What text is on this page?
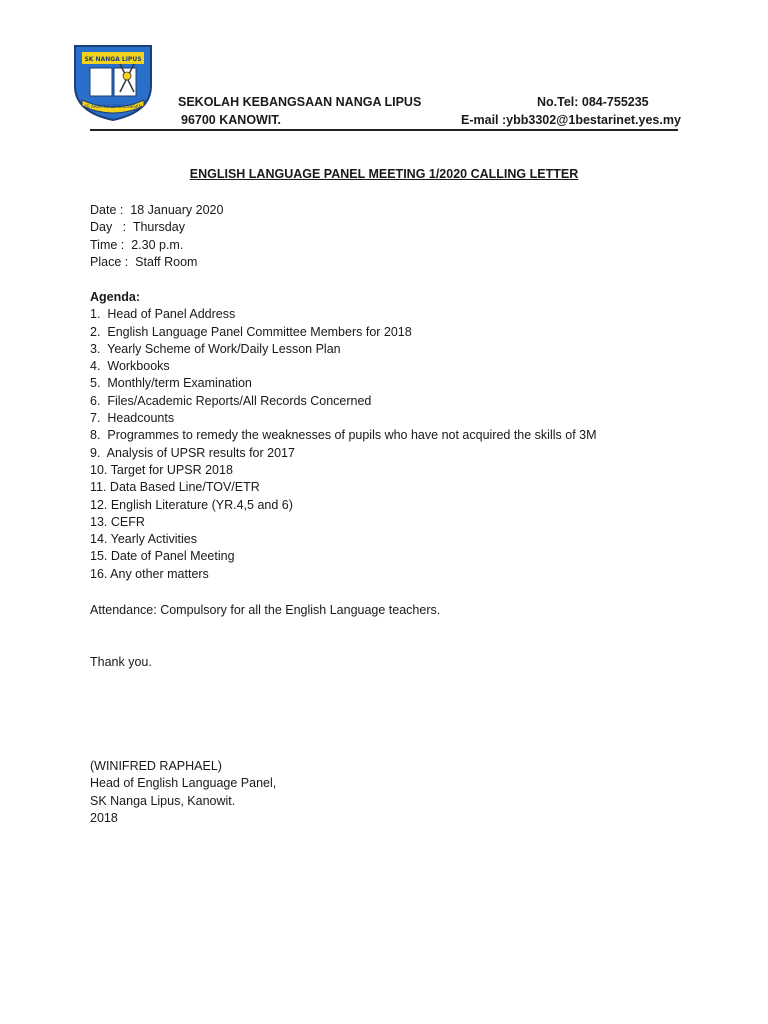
SK NANGA LIPUS
KE ARAH KECEMERLANGAN	SEKOLAH KEBANGSAAN NANGA LIPUS
96700 KANOWIT.
No.Tel: 084-755235
E-mail :ybb3302@1bestarinet.yes.my
ENGLISH LANGUAGE PANEL MEETING 1/2020 CALLING LETTER
Date :  18 January 2020
Day   :  Thursday
Time :  2.30 p.m.
Place :  Staff Room
Agenda:
1.  Head of Panel Address
2.  English Language Panel Committee Members for 2018
3.  Yearly Scheme of Work/Daily Lesson Plan
4.  Workbooks
5.  Monthly/term Examination
6.  Files/Academic Reports/All Records Concerned
7.  Headcounts
8.  Programmes to remedy the weaknesses of pupils who have not acquired the skills of 3M
9.  Analysis of UPSR results for 2017
10. Target for UPSR 2018
11. Data Based Line/TOV/ETR
12. English Literature (YR.4,5 and 6)
13. CEFR
14. Yearly Activities
15. Date of Panel Meeting
16. Any other matters
Attendance: Compulsory for all the English Language teachers.
Thank you.
(WINIFRED RAPHAEL)
Head of English Language Panel,
SK Nanga Lipus, Kanowit.
2018
